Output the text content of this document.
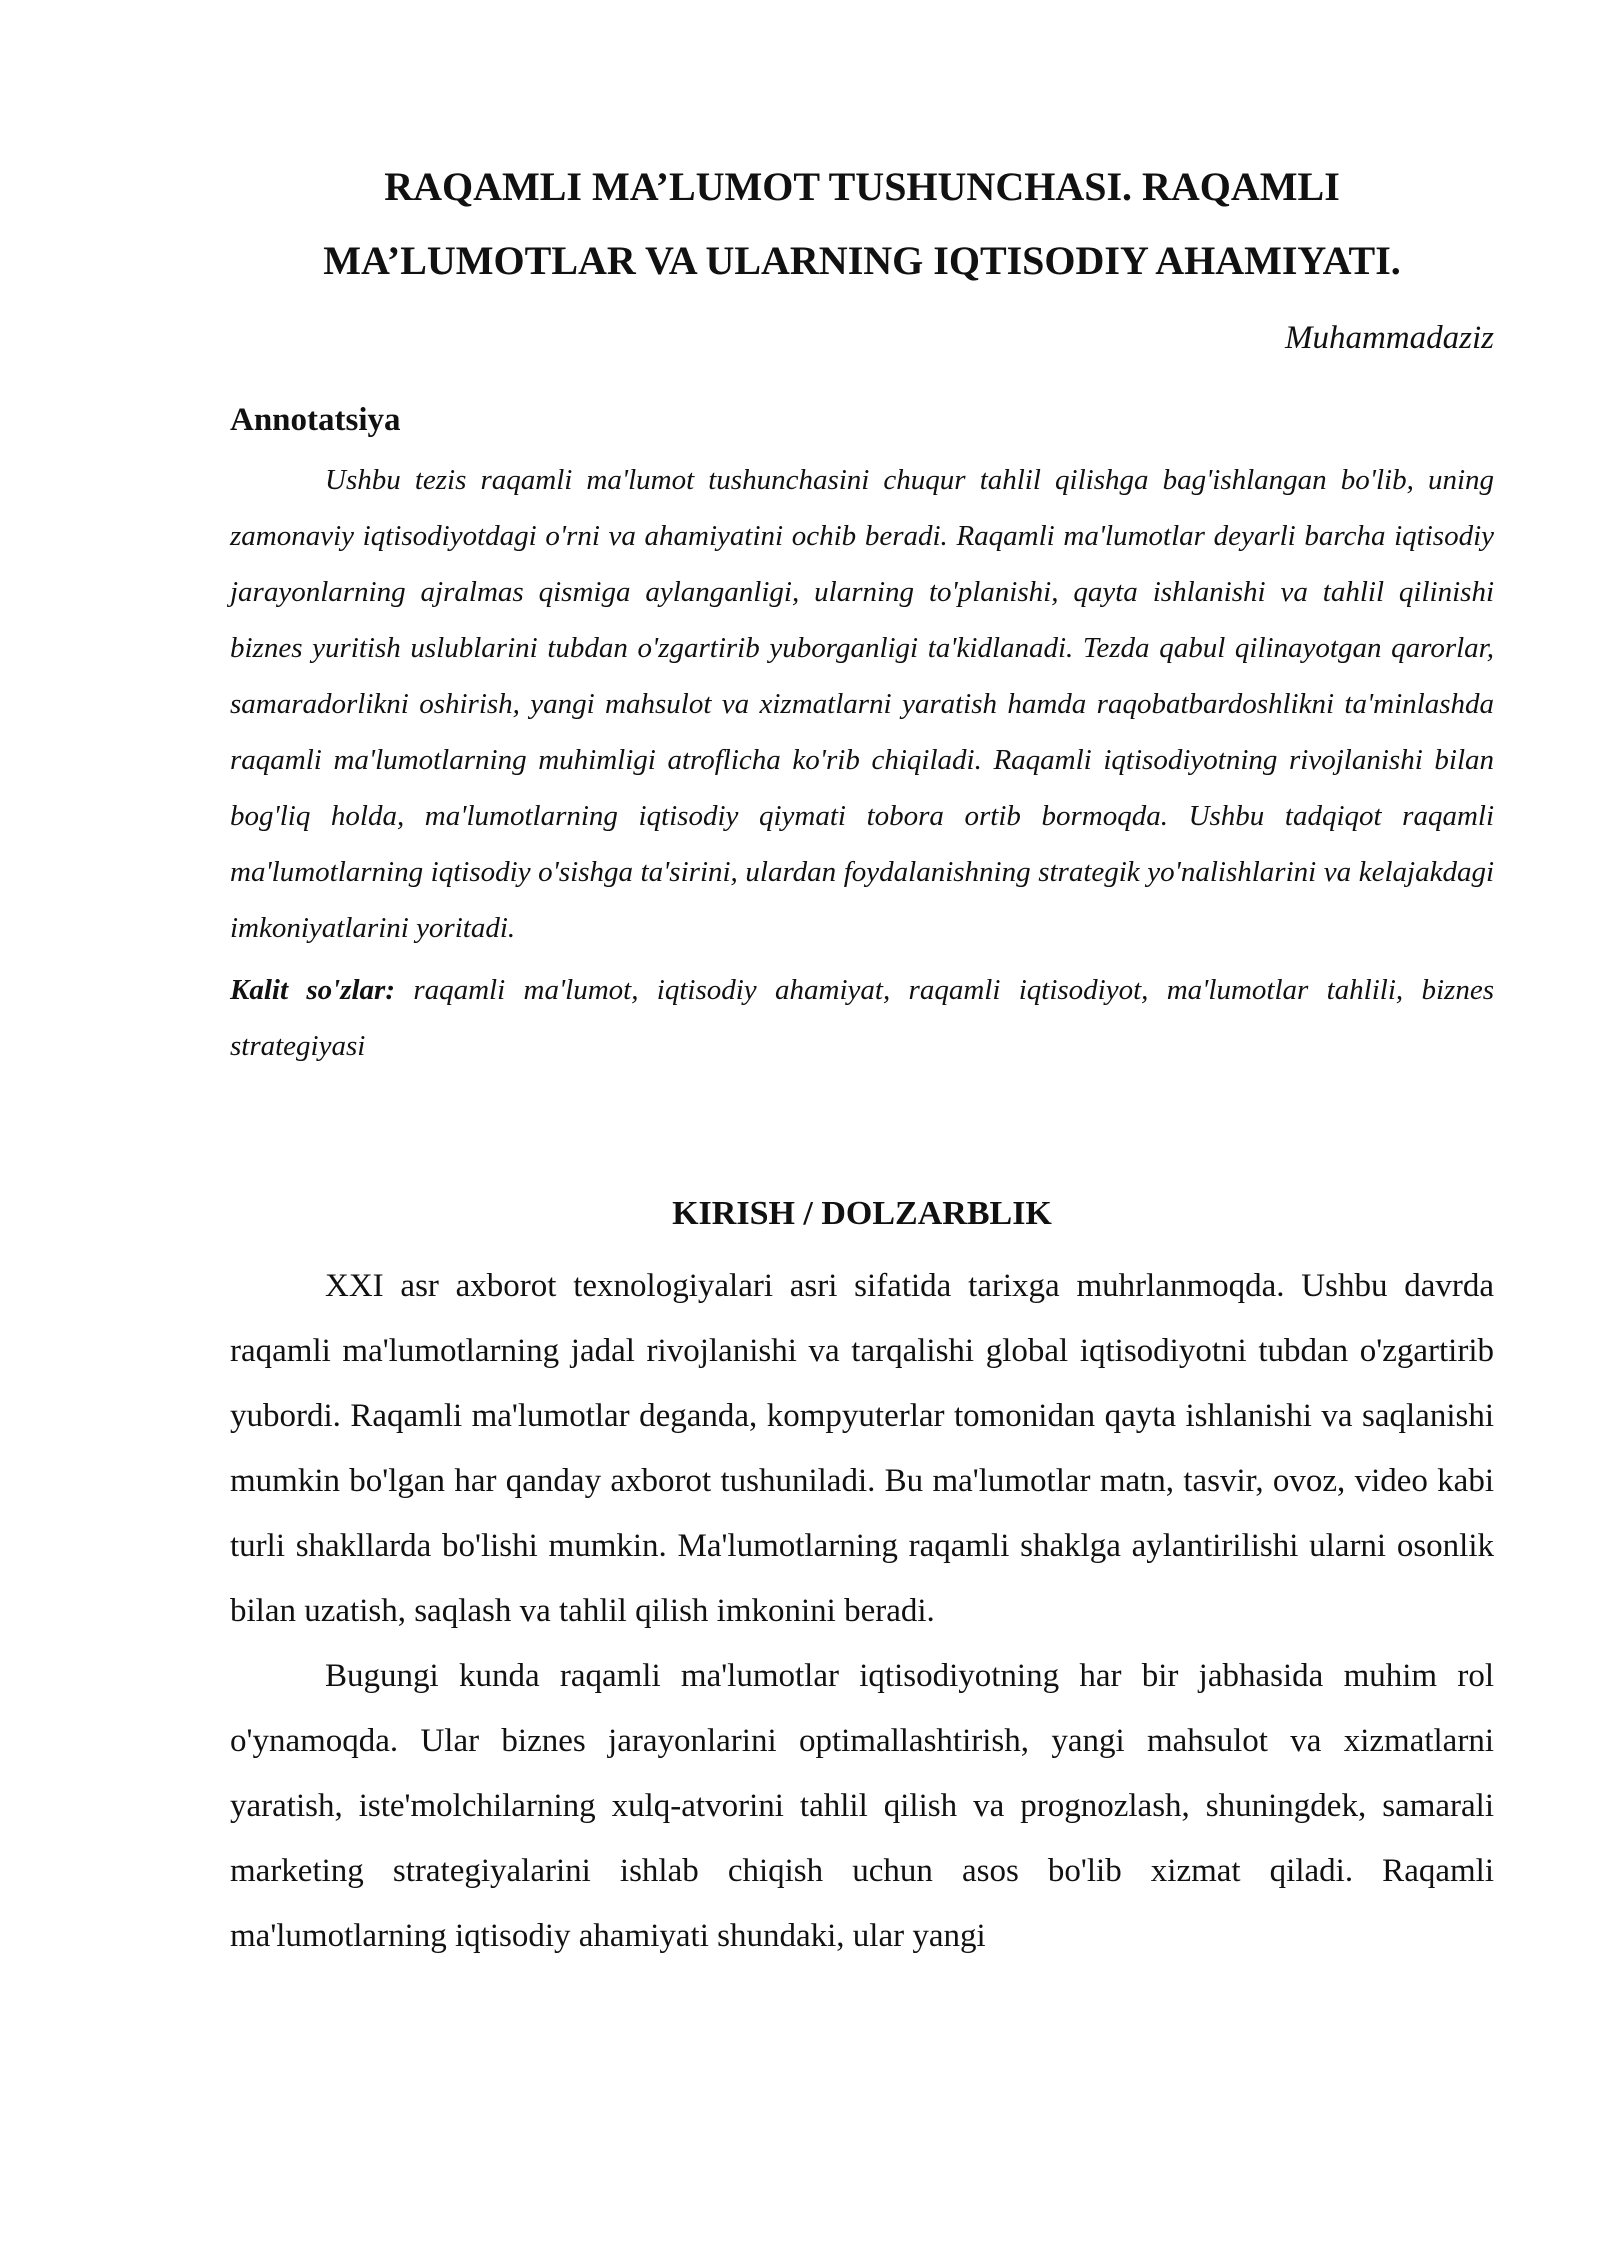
RAQAMLI MA’LUMOT TUSHUNCHASI. RAQAMLI
MA’LUMOTLAR VA ULARNING IQTISODIY AHAMIYATI.

Muhammadaziz

Annotatsiya

Ushbu tezis raqamli ma'lumot tushunchasini chuqur tahlil qilishga bag'ishlangan bo'lib, uning zamonaviy iqtisodiyotdagi o'rni va ahamiyatini ochib beradi. Raqamli ma'lumotlar deyarli barcha iqtisodiy jarayonlarning ajralmas qismiga aylanganligi, ularning to'planishi, qayta ishlanishi va tahlil qilinishi biznes yuritish uslublarini tubdan o'zgartirib yuborganligi ta'kidlanadi. Tezda qabul qilinayotgan qarorlar, samaradorlikni oshirish, yangi mahsulot va xizmatlarni yaratish hamda raqobatbardoshlikni ta'minlashda raqamli ma'lumotlarning muhimligi atroflicha ko'rib chiqiladi. Raqamli iqtisodiyotning rivojlanishi bilan bog'liq holda, ma'lumotlarning iqtisodiy qiymati tobora ortib bormoqda. Ushbu tadqiqot raqamli ma'lumotlarning iqtisodiy o'sishga ta'sirini, ulardan foydalanishning strategik yo'nalishlarini va kelajakdagi imkoniyatlarini yoritadi.

Kalit so'zlar: raqamli ma'lumot, iqtisodiy ahamiyat, raqamli iqtisodiyot, ma'lumotlar tahlili, biznes strategiyasi

KIRISH / DOLZARBLIK

XXI asr axborot texnologiyalari asri sifatida tarixga muhrlanmoqda. Ushbu davrda raqamli ma'lumotlarning jadal rivojlanishi va tarqalishi global iqtisodiyotni tubdan o'zgartirib yubordi. Raqamli ma'lumotlar deganda, kompyuterlar tomonidan qayta ishlanishi va saqlanishi mumkin bo'lgan har qanday axborot tushuniladi. Bu ma'lumotlar matn, tasvir, ovoz, video kabi turli shakllarda bo'lishi mumkin. Ma'lumotlarning raqamli shaklga aylantirilishi ularni osonlik bilan uzatish, saqlash va tahlil qilish imkonini beradi.

Bugungi kunda raqamli ma'lumotlar iqtisodiyotning har bir jabhasida muhim rol o'ynamoqda. Ular biznes jarayonlarini optimallashtirish, yangi mahsulot va xizmatlarni yaratish, iste'molchilarning xulq-atvorini tahlil qilish va prognozlash, shuningdek, samarali marketing strategiyalarini ishlab chiqish uchun asos bo'lib xizmat qiladi. Raqamli ma'lumotlarning iqtisodiy ahamiyati shundaki, ular yangi
